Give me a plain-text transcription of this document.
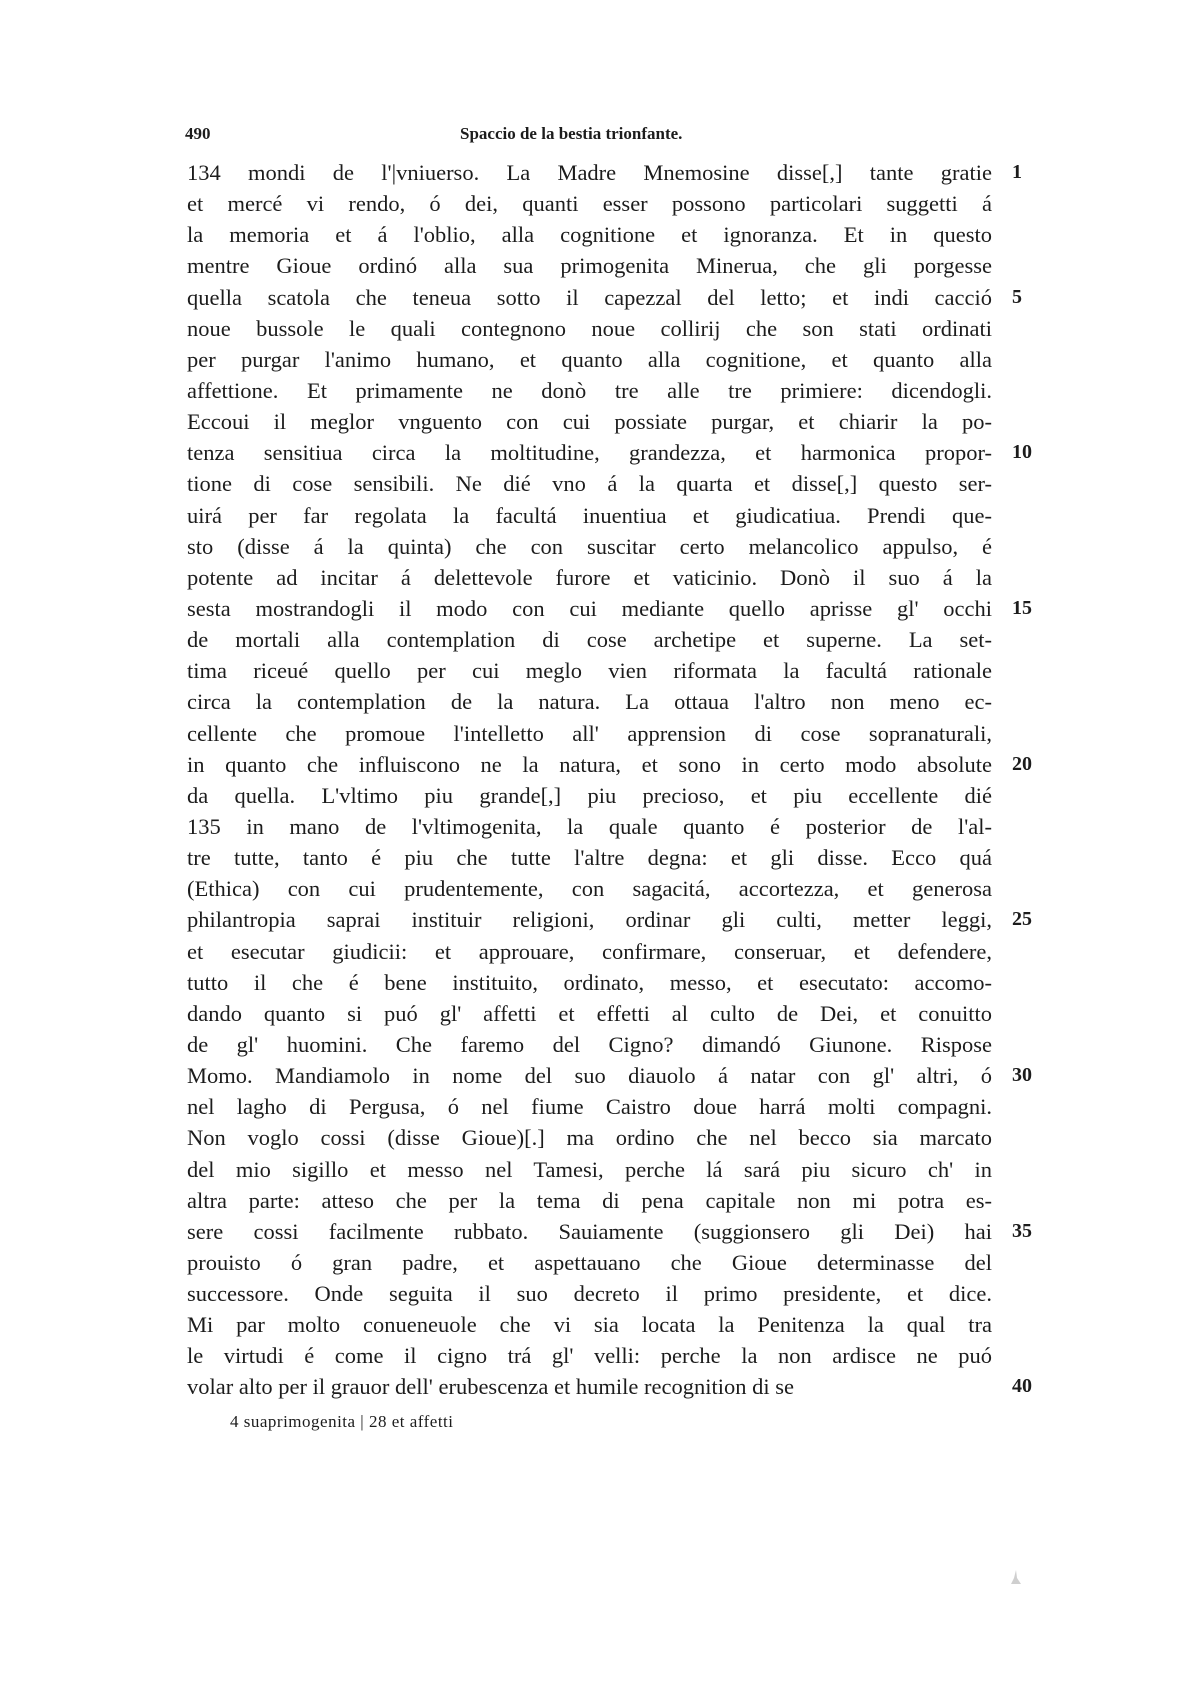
490	Spaccio de la bestia trionfante.
134 mondi de l'|vniuerso. La Madre Mnemosine disse[,] tante gratie 1
et mercé vi rendo, ó dei, quanti esser possono particolari suggetti á
la memoria et á l'oblio, alla cognitione et ignoranza. Et in questo
mentre Gioue ordinó alla sua primogenita Minerua, che gli porgesse
quella scatola che teneua sotto il capezzal del letto; et indi cacció 5
noue bussole le quali contegnono noue collirij che son stati ordinati
per purgar l'animo humano, et quanto alla cognitione, et quanto alla
affettione. Et primamente ne donò tre alle tre primiere: dicendogli.
Eccoui il meglor vnguento con cui possiate purgar, et chiarir la po-
tenza sensitiua circa la moltitudine, grandezza, et harmonica propor- 10
tione di cose sensibili. Ne dié vno á la quarta et disse[,] questo ser-
uirá per far regolata la facultá inuentiua et giudicatiua. Prendi que-
sto (disse á la quinta) che con suscitar certo melancolico appulso, é
potente ad incitar á delettevole furore et vaticinio. Donò il suo á la
sesta mostrandogli il modo con cui mediante quello aprisse gl' occhi 15
de mortali alla contemplation di cose archetipe et superne. La set-
tima riceué quello per cui meglo vien riformata la facultá rationale
circa la contemplation de la natura. La ottaua l'altro non meno ec-
cellente che promoue l'intelletto all' apprension di cose sopranaturali,
in quanto che influiscono ne la natura, et sono in certo modo absolute 20
da quella. L'vltimo piu grande[,] piu precioso, et piu eccellente dié
135 in mano de l'vltimogenita, la quale quanto é posterior de l'al-
tre tutte, tanto é piu che tutte l'altre degna: et gli disse. Ecco quá
(Ethica) con cui prudentemente, con sagacitá, accortezza, et generosa
philantropia saprai instituir religioni, ordinar gli culti, metter leggi, 25
et esecutar giudicii: et approuare, confirmare, conseruar, et defendere,
tutto il che é bene instituito, ordinato, messo, et esecutato: accomo-
dando quanto si puó gl' affetti et effetti al culto de Dei, et conuitto
de gl' huomini. Che faremo del Cigno? dimandó Giunone. Rispose
Momo. Mandiamolo in nome del suo diauolo á natar con gl' altri, ó 30
nel lagho di Pergusa, ó nel fiume Caistro doue harrá molti compagni.
Non voglo cossi (disse Gioue)[.] ma ordino che nel becco sia marcato
del mio sigillo et messo nel Tamesi, perche lá sará piu sicuro ch' in
altra parte: atteso che per la tema di pena capitale non mi potra es-
sere cossi facilmente rubbato. Sauiamente (suggionsero gli Dei) hai 35
prouisto ó gran padre, et aspettauano che Gioue determinasse del
successore. Onde seguita il suo decreto il primo presidente, et dice.
Mi par molto conueneuole che vi sia locata la Penitenza la qual tra
le virtudi é come il cigno trá gl' velli: perche la non ardisce ne puó
volar alto per il grauor dell' erubescenza et humile recognition di se	40
4 suaprimogenita | 28 et affetti
